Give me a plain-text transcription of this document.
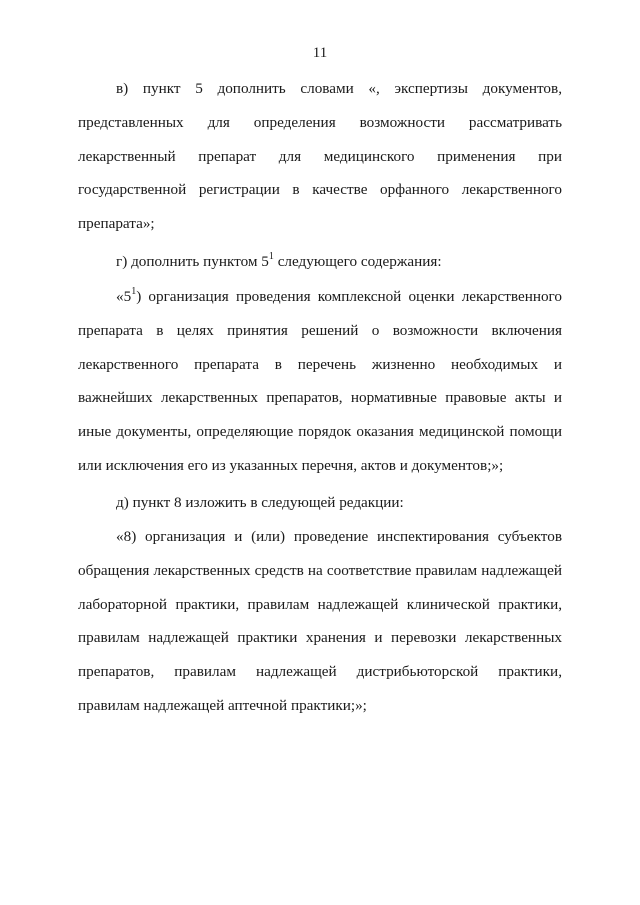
11

в) пункт 5 дополнить словами «, экспертизы документов, представленных для определения возможности рассматривать лекарственный препарат для медицинского применения при государственной регистрации в качестве орфанного лекарственного препарата»;

г) дополнить пунктом $5^1$ следующего содержания:

«$5^1$) организация проведения комплексной оценки лекарственного препарата в целях принятия решений о возможности включения лекарственного препарата в перечень жизненно необходимых и важнейших лекарственных препаратов, нормативные правовые акты и иные документы, определяющие порядок оказания медицинской помощи или исключения его из указанных перечня, актов и документов;»;

д) пункт 8 изложить в следующей редакции:

«8) организация и (или) проведение инспектирования субъектов обращения лекарственных средств на соответствие правилам надлежащей лабораторной практики, правилам надлежащей клинической практики, правилам надлежащей практики хранения и перевозки лекарственных препаратов, правилам надлежащей дистрибьюторской практики, правилам надлежащей аптечной практики;»;
